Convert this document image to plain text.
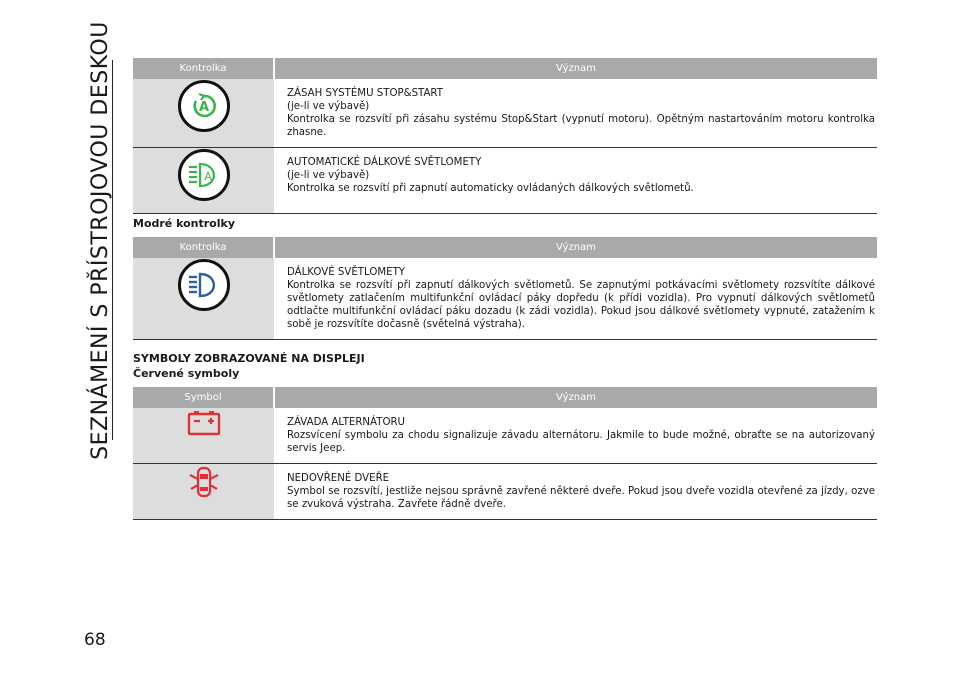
SEZNÁMENÍ S PŘÍSTROJOVOU DESKOU	Kontrolka	Význam

A	ZÁSAH SYSTÉMU STOP&START
(je-li ve výbavě)
Kontrolka se rozsvítí při zásahu systému Stop&Start (vypnutí motoru). Opětným nastartováním motoru kontrolka zhasne.

A	AUTOMATICKÉ DÁLKOVÉ SVĚTLOMETY
(je-li ve výbavě)
Kontrolka se rozsvítí při zapnutí automaticky ovládaných dálkových světlometů.
Modré kontrolky
Kontrolka	Význam

DÁLKOVÉ SVĚTLOMETY
Kontrolka se rozsvítí při zapnutí dálkových světlometů. Se zapnutými potkávacími světlomety rozsvítíte dálkové světlomety zatlačením multifunkční ovládací páky dopředu (k přídi vozidla). Pro vypnutí dálkových světlometů odtlačte multifunkční ovládací páku dozadu (k zádi vozidla). Pokud jsou dálkové světlomety vypnuté, zatažením k sobě je rozsvítíte dočasně (světelná výstraha).
SYMBOLY ZOBRAZOVANÉ NA DISPLEJI
Červené symboly
Symbol	Význam

ZÁVADA ALTERNÁTORU
Rozsvícení symbolu za chodu signalizuje závadu alternátoru. Jakmile to bude možné, obraťte se na autorizovaný servis Jeep.

NEDOVŘENÉ DVEŘE
Symbol se rozsvítí, jestliže nejsou správně zavřené některé dveře. Pokud jsou dveře vozidla otevřené za jízdy, ozve se zvuková výstraha. Zavřete řádně dveře.
68
